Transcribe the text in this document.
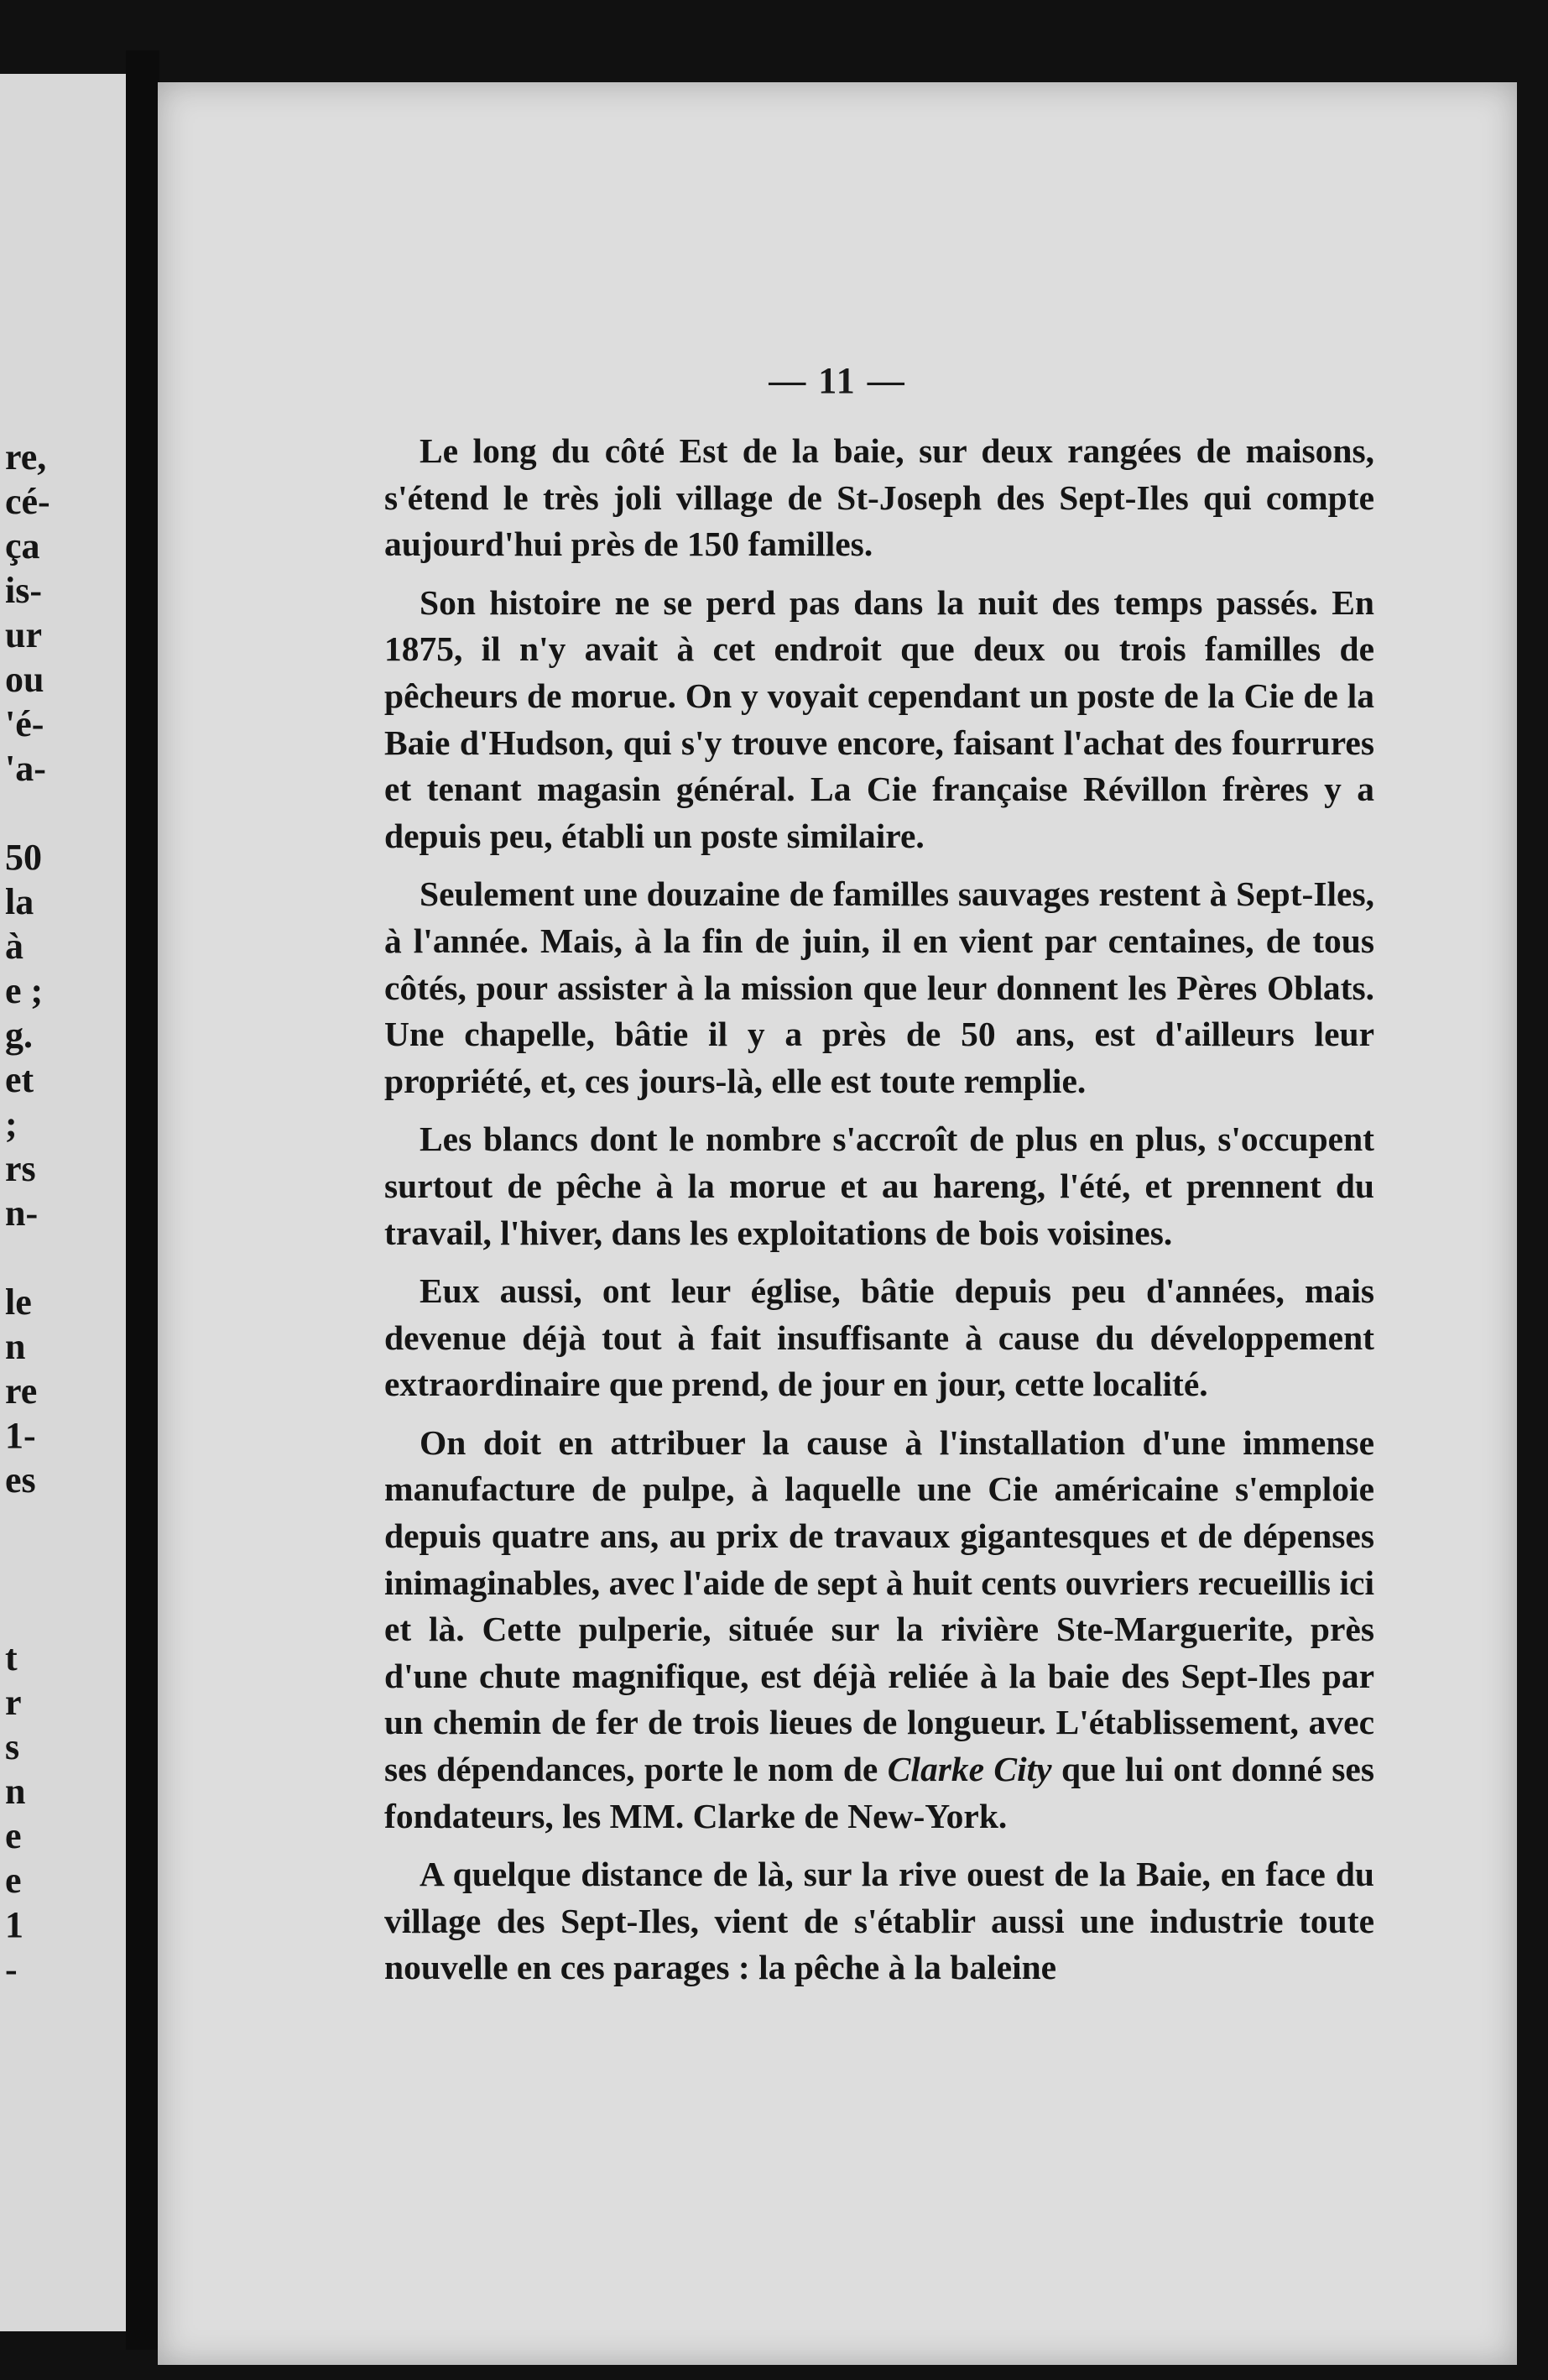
re,
cé-
ça
is-
ur
ou
'é-
'a-
50
la
à
e ;
g.
et
;
rs
n-
le
n
re
1-
es
t
r
s
n
e
e
1
-
— 11 —

Le long du côté Est de la baie, sur deux rangées de maisons, s'étend le très joli village de St-Joseph des Sept-Iles qui compte aujourd'hui près de 150 familles.

Son histoire ne se perd pas dans la nuit des temps passés. En 1875, il n'y avait à cet endroit que deux ou trois familles de pêcheurs de morue. On y voyait cependant un poste de la Cie de la Baie d'Hudson, qui s'y trouve encore, faisant l'achat des fourrures et tenant magasin général. La Cie française Révillon frères y a depuis peu, établi un poste similaire.

Seulement une douzaine de familles sauvages restent à Sept-Iles, à l'année. Mais, à la fin de juin, il en vient par centaines, de tous côtés, pour assister à la mission que leur donnent les Pères Oblats. Une chapelle, bâtie il y a près de 50 ans, est d'ailleurs leur propriété, et, ces jours-là, elle est toute remplie.

Les blancs dont le nombre s'accroît de plus en plus, s'occupent surtout de pêche à la morue et au hareng, l'été, et prennent du travail, l'hiver, dans les exploitations de bois voisines.

Eux aussi, ont leur église, bâtie depuis peu d'années, mais devenue déjà tout à fait insuffisante à cause du développement extraordinaire que prend, de jour en jour, cette localité.

On doit en attribuer la cause à l'installation d'une immense manufacture de pulpe, à laquelle une Cie américaine s'emploie depuis quatre ans, au prix de travaux gigantesques et de dépenses inimaginables, avec l'aide de sept à huit cents ouvriers recueillis ici et là. Cette pulperie, située sur la rivière Ste-Marguerite, près d'une chute magnifique, est déjà reliée à la baie des Sept-Iles par un chemin de fer de trois lieues de longueur. L'établissement, avec ses dépendances, porte le nom de Clarke City que lui ont donné ses fondateurs, les MM. Clarke de New-York.

A quelque distance de là, sur la rive ouest de la Baie, en face du village des Sept-Iles, vient de s'établir aussi une industrie toute nouvelle en ces parages : la pêche à la baleine
